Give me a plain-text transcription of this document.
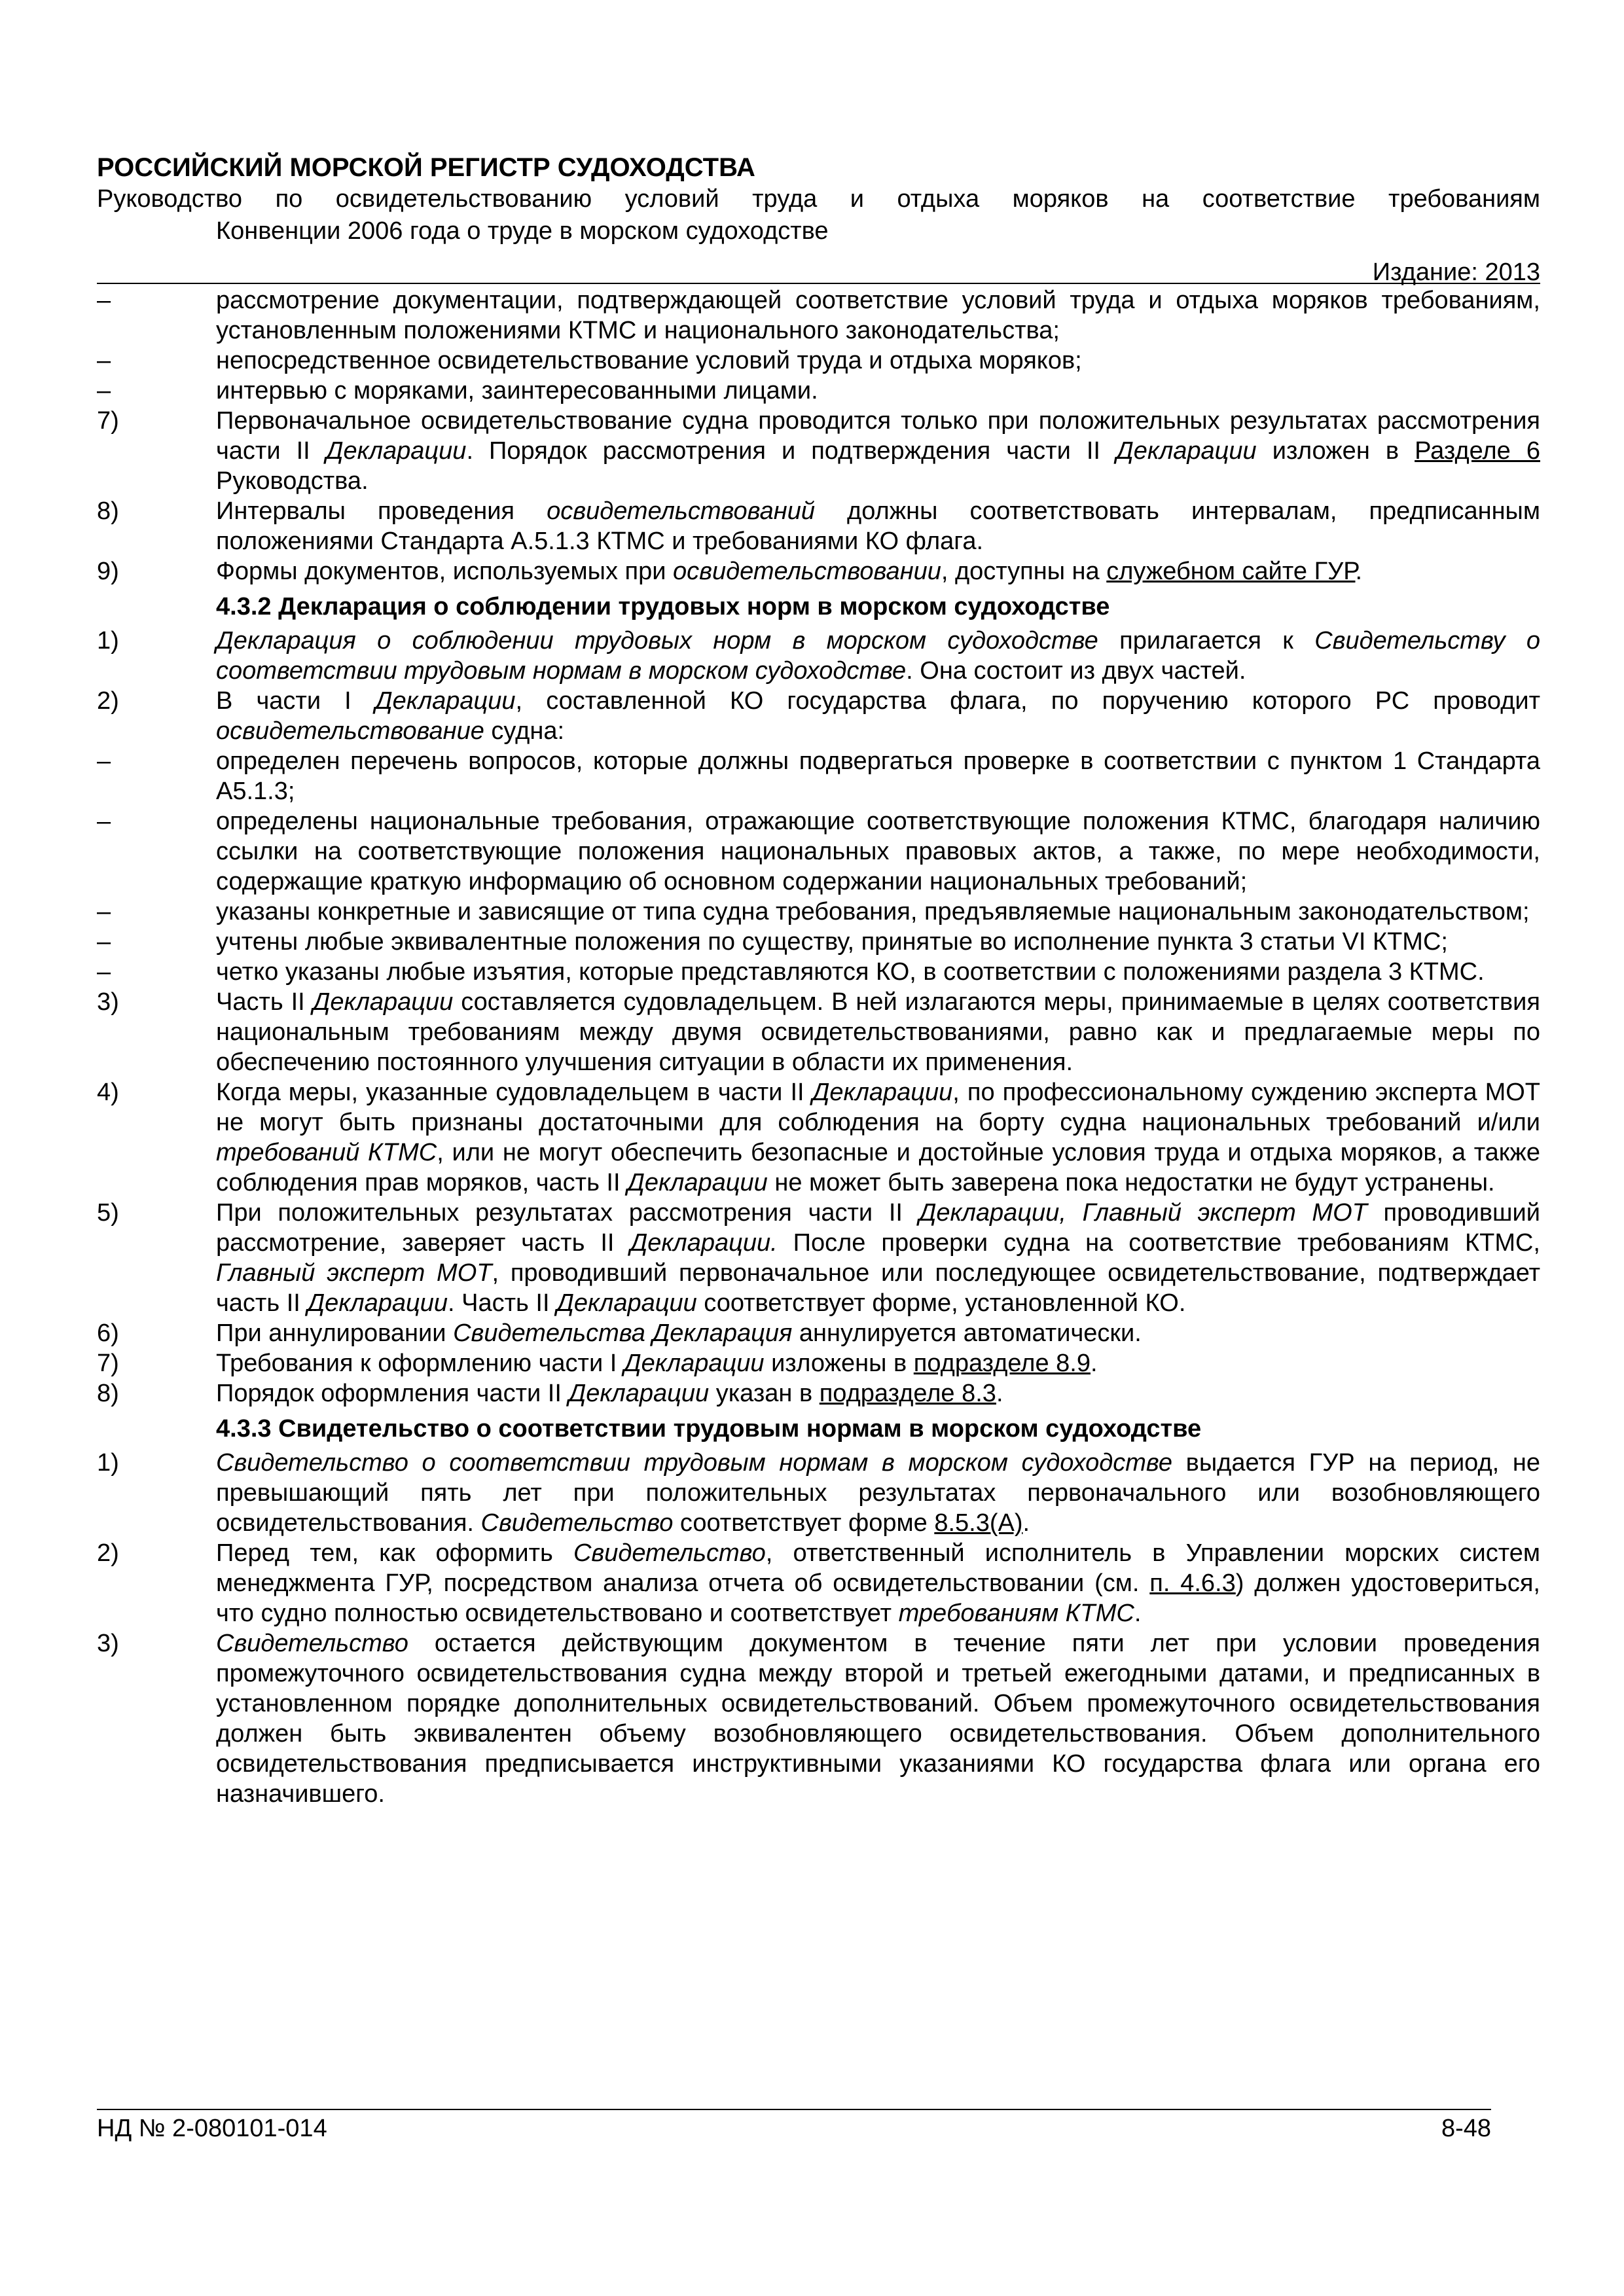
РОССИЙСКИЙ МОРСКОЙ РЕГИСТР СУДОХОДСТВА
Руководство по освидетельствованию условий труда и отдыха моряков на соответствие требованиям
Конвенции 2006 года о труде в морском судоходстве
Издание: 2013
–	рассмотрение документации, подтверждающей соответствие условий труда и отдыха моряков требованиям, установленным положениями КТМС и национального законодательства;
–	непосредственное освидетельствование условий труда и отдыха моряков;
–	интервью с моряками, заинтересованными лицами.
7)	Первоначальное освидетельствование судна проводится только при положительных результатах рассмотрения части II Декларации. Порядок рассмотрения и подтверждения части II Декларации изложен в Разделе 6 Руководства.
8)	Интервалы проведения освидетельствований должны соответствовать интервалам, предписанным положениями Стандарта А.5.1.3 КТМС и требованиями КО флага.
9)	Формы документов, используемых при освидетельствовании, доступны на служебном сайте ГУР.
4.3.2 Декларация о соблюдении трудовых норм в морском судоходстве
1)	Декларация о соблюдении трудовых норм в морском судоходстве прилагается к Свидетельству о соответствии трудовым нормам в морском судоходстве. Она состоит из двух частей.
2)	В части I Декларации, составленной КО государства флага, по поручению которого РС проводит освидетельствование судна:
–	определен перечень вопросов, которые должны подвергаться проверке в соответствии с пунктом 1 Стандарта А5.1.3;
–	определены национальные требования, отражающие соответствующие положения КТМС, благодаря наличию ссылки на соответствующие положения национальных правовых актов, а также, по мере необходимости, содержащие краткую информацию об основном содержании национальных требований;
–	указаны конкретные и зависящие от типа судна требования, предъявляемые национальным законодательством;
–	учтены любые эквивалентные положения по существу, принятые во исполнение пункта 3 статьи VI КТМС;
–	четко указаны любые изъятия, которые представляются КО, в соответствии с положениями раздела 3 КТМС.
3)	Часть II Декларации составляется судовладельцем. В ней излагаются меры, принимаемые в целях соответствия национальным требованиям между двумя освидетельствованиями, равно как и предлагаемые меры по обеспечению постоянного улучшения ситуации в области их применения.
4)	Когда меры, указанные судовладельцем в части II Декларации, по профессиональному суждению эксперта МОТ не могут быть признаны достаточными для соблюдения на борту судна национальных требований и/или требований КТМС, или не могут обеспечить безопасные и достойные условия труда и отдыха моряков, а также соблюдения прав моряков, часть II Декларации не может быть заверена пока недостатки не будут устранены.
5)	При положительных результатах рассмотрения части II Декларации, Главный эксперт МОТ проводивший рассмотрение, заверяет часть II Декларации. После проверки судна на соответствие требованиям КТМС, Главный эксперт МОТ, проводивший первоначальное или последующее освидетельствование, подтверждает часть II Декларации. Часть II Декларации соответствует форме, установленной КО.
6)	При аннулировании Свидетельства Декларация аннулируется автоматически.
7)	Требования к оформлению части I Декларации изложены в подразделе 8.9.
8)	Порядок оформления части II Декларации указан в подразделе 8.3.
4.3.3 Свидетельство о соответствии трудовым нормам в морском судоходстве
1)	Свидетельство о соответствии трудовым нормам в морском судоходстве выдается ГУР на период, не превышающий пять лет при положительных результатах первоначального или возобновляющего освидетельствования. Свидетельство соответствует форме 8.5.3(А).
2)	Перед тем, как оформить Свидетельство, ответственный исполнитель в Управлении морских систем менеджмента ГУР, посредством анализа отчета об освидетельствовании (см. п. 4.6.3) должен удостовериться, что судно полностью освидетельствовано и соответствует требованиям КТМС.
3)	Свидетельство остается действующим документом в течение пяти лет при условии проведения промежуточного освидетельствования судна между второй и третьей ежегодными датами, и предписанных в установленном порядке дополнительных освидетельствований. Объем промежуточного освидетельствования должен быть эквивалентен объему возобновляющего освидетельствования. Объем дополнительного освидетельствования предписывается инструктивными указаниями КО государства флага или органа его назначившего.
НД № 2-080101-014	8-48
